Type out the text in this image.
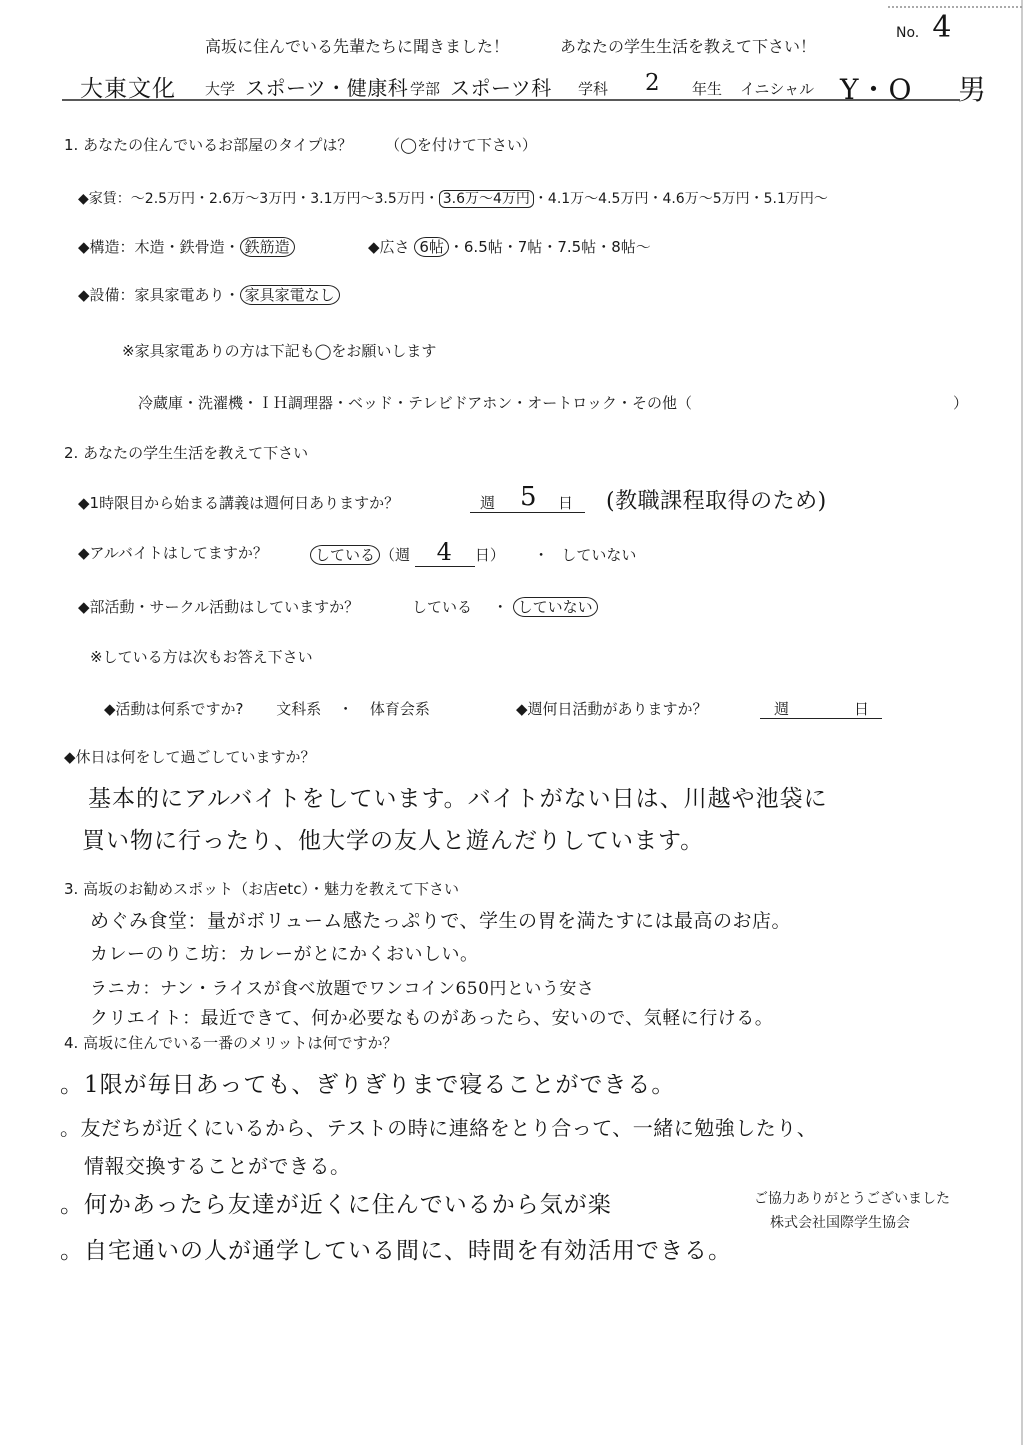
No. 4
高坂に住んでいる先輩たちに聞きました！	あなたの学生生活を教えて下さい！
大東文化 大学 スポーツ・健康科 学部 スポーツ科 学科 2 年生 イニシャル Y・O 男
1. あなたの住んでいるお部屋のタイプは？ （◯を付けて下さい）
◆家賃：～2.5万円・2.6万～3万円・3.1万円～3.5万円・ 3.6万～4万円 ・4.1万～4.5万円・4.6万～5万円・5.1万円～
◆構造：木造・鉄骨造・ 鉄筋造	◆広さ 6帖 ・6.5帖・7帖・7.5帖・8帖～
◆設備：家具家電あり・ 家具家電なし
※家具家電ありの方は下記も◯をお願いします
冷蔵庫・洗濯機・ＩＨ調理器・ベッド・テレビドアホン・オートロック・その他（	）
2. あなたの学生生活を教えて下さい
◆1時限目から始まる講義は週何日ありますか？	週 5 日 (教職課程取得のため)
◆アルバイトはしてますか？	している （週 4 日） ・ していない
◆部活動・サークル活動はしていますか？	している ・ していない
※している方は次もお答え下さい
◆活動は何系ですか? 文科系 ・ 体育会系	◆週何日活動がありますか？	週	日
◆休日は何をして過ごしていますか？
基本的にアルバイトをしています。バイトがない日は、川越や池袋に
買い物に行ったり、他大学の友人と遊んだりしています。
3. 高坂のお勧めスポット（お店etc）・魅力を教えて下さい
めぐみ食堂：量がボリューム感たっぷりで、学生の胃を満たすには最高のお店。
カレーのりこ坊：カレーがとにかくおいしい。
ラニカ：ナン・ライスが食べ放題でワンコイン650円という安さ
クリエイト：最近できて、何か必要なものがあったら、安いので、気軽に行ける。
4. 高坂に住んでいる一番のメリットは何ですか？
。1限が毎日あっても、ぎりぎりまで寝ることができる。
。友だちが近くにいるから、テストの時に連絡をとり合って、一緒に勉強したり、
情報交換することができる。
。何かあったら友達が近くに住んでいるから気が楽
。自宅通いの人が通学している間に、時間を有効活用できる。
ご協力ありがとうございました
株式会社国際学生協会
